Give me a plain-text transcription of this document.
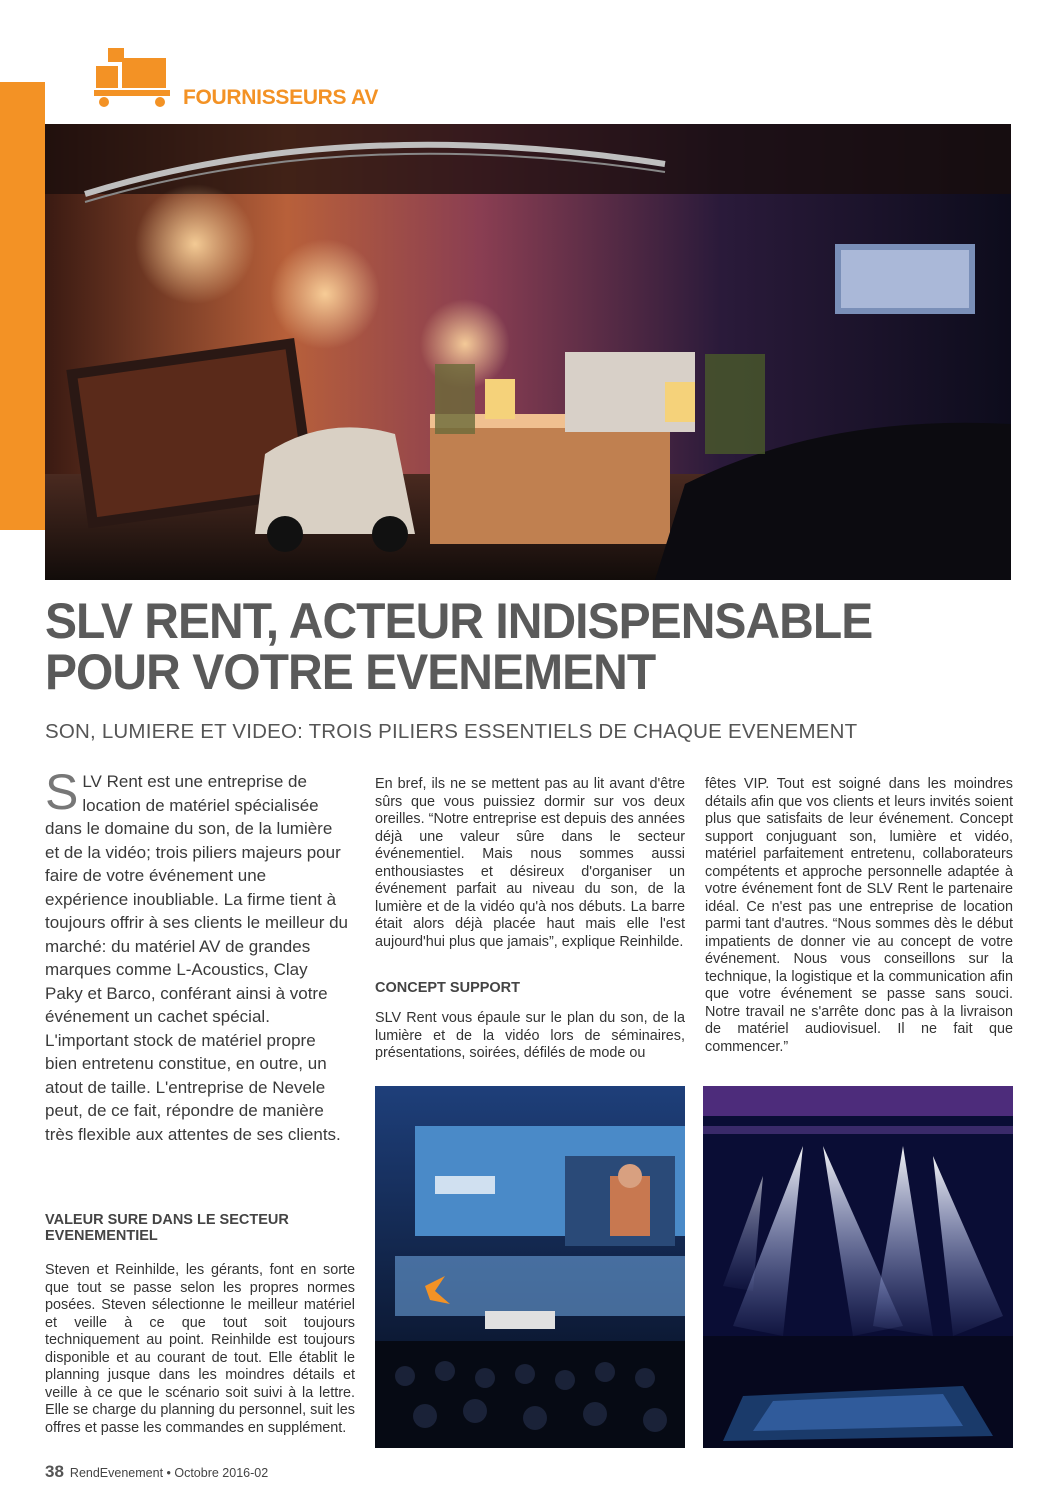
FOURNISSEURS AV
SLV RENT, ACTEUR INDISPENSABLE POUR VOTRE EVENEMENT
SON, LUMIERE ET VIDEO: TROIS PILIERS ESSENTIELS DE CHAQUE EVENEMENT
SLV Rent est une entreprise de location de matériel spécialisée dans le domaine du son, de la lumière et de la vidéo; trois piliers majeurs pour faire de votre événement une expérience inoubliable. La firme tient à toujours offrir à ses clients le meilleur du marché: du matériel AV de grandes marques comme L-Acoustics, Clay Paky et Barco, conférant ainsi à votre événement un cachet spécial. L'important stock de matériel propre bien entretenu constitue, en outre, un atout de taille. L'entreprise de Nevele peut, de ce fait, répondre de manière très flexible aux attentes de ses clients.
VALEUR SURE DANS LE SECTEUR EVENEMENTIEL
Steven et Reinhilde, les gérants, font en sorte que tout se passe selon les propres normes posées. Steven sélectionne le meilleur matériel et veille à ce que tout soit toujours techniquement au point. Reinhilde est toujours disponible et au courant de tout. Elle établit le planning jusque dans les moindres détails et veille à ce que le scénario soit suivi à la lettre. Elle se charge du planning du personnel, suit les offres et passe les commandes en supplément.
En bref, ils ne se mettent pas au lit avant d'être sûrs que vous puissiez dormir sur vos deux oreilles. “Notre entreprise est depuis des années déjà une valeur sûre dans le secteur événementiel. Mais nous sommes aussi enthousiastes et désireux d'organiser un événement parfait au niveau du son, de la lumière et de la vidéo qu'à nos débuts. La barre était alors déjà placée haut mais elle l'est aujourd'hui plus que jamais”, explique Reinhilde.
CONCEPT SUPPORT
SLV Rent vous épaule sur le plan du son, de la lumière et de la vidéo lors de séminaires, présentations, soirées, défilés de mode ou
fêtes VIP. Tout est soigné dans les moindres détails afin que vos clients et leurs invités soient plus que satisfaits de leur événement. Concept support conjuguant son, lumière et vidéo, matériel parfaitement entretenu, collaborateurs compétents et approche personnelle adaptée à votre événement font de SLV Rent le partenaire idéal. Ce n'est pas une entreprise de location parmi tant d'autres. “Nous sommes dès le début impatients de donner vie au concept de votre événement. Nous vous conseillons sur la technique, la logistique et la communication afin que votre événement se passe sans souci. Notre travail ne s'arrête donc pas à la livraison de matériel audiovisuel. Il ne fait que commencer.”
38 RendEvenement • Octobre 2016-02
